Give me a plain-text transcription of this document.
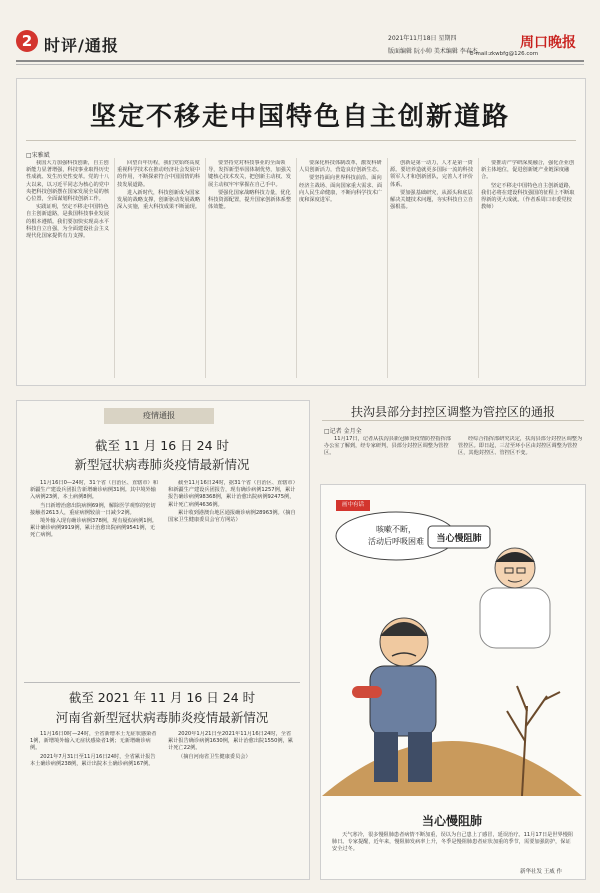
2 时评/通报	2021年11月18日 星期四
版面编辑 阮小帅 美术编辑 李春杰
周口晚报
E-mail:zkwbfg@126.com
坚定不移走中国特色自主创新道路
□宋雅斌

我国大力加强科技创新，自主创新能力显著增强，科技事业取得历史性成就、发生历史性变革。党的十八大以来，以习近平同志为核心的党中央把科技创新摆在国家发展全局的核心位置，全面谋划科技创新工作。

实践证明，坚定不移走中国特色自主创新道路，是我国科技事业发展的根本遵循。我们要加快实现高水平科技自立自强，为全面建设社会主义现代化国家提供有力支撑。

回望百年历程，我们党始终高度重视科学技术在推动经济社会发展中的作用，不断探索符合中国国情的科技发展道路。

进入新时代，科技创新成为国家发展的战略支撑，创新驱动发展战略深入实施，重大科技成果不断涌现。

要坚持党对科技事业的全面领导，发挥新型举国体制优势，加强关键核心技术攻关，把创新主动权、发展主动权牢牢掌握在自己手中。

要强化国家战略科技力量，优化科技资源配置，提升国家创新体系整体效能。

要深化科技体制改革，激发科研人员创新活力，营造良好创新生态。

要坚持面向世界科技前沿、面向经济主战场、面向国家重大需求、面向人民生命健康，不断向科学技术广度和深度进军。

创新是第一动力，人才是第一资源。要培养造就更多国际一流的科技领军人才和创新团队，完善人才评价体系。

要加强基础研究，从源头和底层解决关键技术问题，夯实科技自立自强根基。

要推动产学研深度融合，强化企业创新主体地位，促进创新链产业链深度融合。

坚定不移走中国特色自主创新道路，我们必将在建设科技强国的征程上不断取得新的更大成就。（作者系周口市委党校教师）

疫情通报
截至 11 月 16 日 24 时
新型冠状病毒肺炎疫情最新情况

11月16日0—24时，31个省（自治区、直辖市）和新疆生产建设兵团报告新增确诊病例31例。其中境外输入病例23例，本土病例8例。

当日新增治愈出院病例69例，解除医学观察的密切接触者2613人，重症病例较前一日减少2例。

境外输入现有确诊病例378例，现有疑似病例1例。累计确诊病例9919例，累计治愈出院病例9541例，无死亡病例。

截至11月16日24时，据31个省（自治区、直辖市）和新疆生产建设兵团报告，现有确诊病例1257例，累计报告确诊病例98368例，累计治愈出院病例92475例，累计死亡病例4636例。

累计收到港澳台地区通报确诊病例28963例。（摘自国家卫生健康委员会官方网站）

截至 2021 年 11 月 16 日 24 时
河南省新型冠状病毒肺炎疫情最新情况

11月16日0时—24时，全省新增本土无症状感染者1例，新增境外输入无症状感染者1例；无新增确诊病例。

2021年7月31日至11月16日24时，全省累计报告本土确诊病例238例，累计出院本土确诊病例167例。

2020年1月21日至2021年11月16日24时，全省累计报告确诊病例1630例，累计治愈出院1550例，累计死亡22例。

（摘自河南省卫生健康委员会）

扶沟县部分封控区调整为管控区的通报
□记者 金月全

11月17日，记者从扶沟县新冠肺炎疫情防控指挥部办公室了解到，经专家研判，县部分封控区调整为管控区。

经综合指挥部研究决定，扶沟县部分封控区调整为管控区。即日起，三岔至环小区由封控区调整为管控区，其他封控区、管控区不变。

咳嗽不断，
活动后呼吸困难 当心慢阻肺
画中有话
当心慢阻肺

天气寒冷，很多慢阻肺患者病情不断加重，误以为自己患上了感冒，延误治疗。11月17日是世界慢阻肺日。专家提醒，近年来，慢阻肺发病率上升，冬季是慢阻肺患者症状加重的季节，需要加强防护，保证安全过冬。

新华社发 王威 作
